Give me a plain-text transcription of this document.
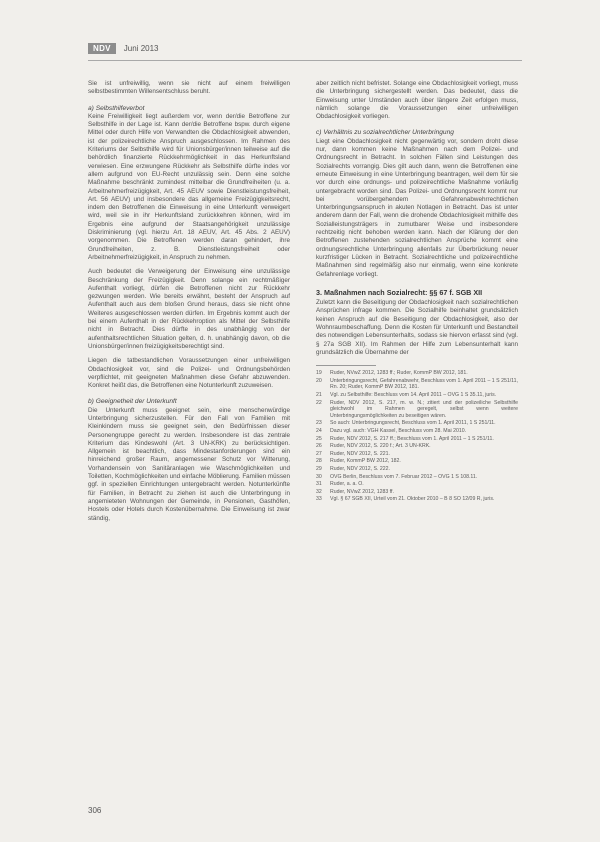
NDV	Juni 2013

Sie ist unfreiwillig, wenn sie nicht auf einem freiwilligen selbstbestimmten Willensentschluss beruht.

a) Selbsthilfeverbot

Keine Freiwilligkeit liegt außerdem vor, wenn der/die Betroffene zur Selbsthilfe in der Lage ist. Kann der/die Betroffene bspw. durch eigene Mittel oder durch Hilfe von Verwandten die Obdachlosigkeit abwenden, ist der polizeirechtliche Anspruch ausgeschlossen. Im Rahmen des Kriteriums der Selbsthilfe wird für Unionsbürger/innen teilweise auf die behördlich finanzierte Rückkehrmöglichkeit in das Herkunftsland verwiesen. Eine erzwungene Rückkehr als Selbsthilfe dürfte indes vor allem aufgrund von EU-Recht unzulässig sein. Denn eine solche Maßnahme beschränkt zumindest mittelbar die Grundfreiheiten (u. a. Arbeitnehmerfreizügigkeit, Art. 45 AEUV sowie Dienstleistungsfreiheit, Art. 56 AEUV) und insbesondere das allgemeine Freizügigkeitsrecht, indem den Betroffenen die Einweisung in eine Unterkunft verweigert wird, weil sie in ihr Herkunftsland zurückkehren können, wird im Ergebnis eine aufgrund der Staatsangehörigkeit unzulässige Diskriminierung (vgl. hierzu Art. 18 AEUV, Art. 45 Abs. 2 AEUV) vorgenommen. Die Betroffenen werden daran gehindert, ihre Grundfreiheiten, z. B. Dienstleistungsfreiheit oder Arbeitnehmerfreizügigkeit, in Anspruch zu nehmen.

Auch bedeutet die Verweigerung der Einweisung eine unzulässige Beschränkung der Freizügigkeit. Denn solange ein rechtmäßiger Aufenthalt vorliegt, dürfen die Betroffenen nicht zur Rückkehr gezwungen werden. Wie bereits erwähnt, besteht der Anspruch auf Aufenthalt auch aus dem bloßen Grund heraus, dass sie nicht ohne Weiteres ausgeschlossen werden dürfen. Im Ergebnis kommt auch der bei einem Aufenthalt in der Rückkehroption als Mittel der Selbsthilfe nicht in Betracht. Dies dürfte in des unabhängig von der aufenthaltsrechtlichen Situation gelten, d. h. unabhängig davon, ob die Unionsbürger/innen freizügigkeitsberechtigt sind.

Liegen die tatbestandlichen Voraussetzungen einer unfreiwilligen Obdachlosigkeit vor, sind die Polizei- und Ordnungsbehörden verpflichtet, mit geeigneten Maßnahmen diese Gefahr abzuwenden. Konkret heißt das, die Betroffenen eine Notunterkunft zuzuweisen.

b) Geeignetheit der Unterkunft

Die Unterkunft muss geeignet sein, eine menschenwürdige Unterbringung sicherzustellen. Für den Fall von Familien mit Kleinkindern muss sie geeignet sein, den Bedürfnissen dieser Personengruppe gerecht zu werden. Insbesondere ist das zentrale Kriterium das Kindeswohl (Art. 3 UN-KRK) zu berücksichtigen. Allgemein ist beachtlich, dass Mindestanforderungen sind ein hinreichend großer Raum, angemessener Schutz vor Witterung, Vorhandensein von Sanitäranlagen wie Waschmöglichkeiten und Toiletten, Kochmöglichkeiten und einfache Möblierung. Familien müssen ggf. in speziellen Einrichtungen untergebracht werden. Notunterkünfte für Familien, in Betracht zu ziehen ist auch die Unterbringung in angemieteten Wohnungen der Gemeinde, in Pensionen, Gasthöfen, Hostels oder Hotels durch Kostenübernahme. Die Einweisung ist zwar ständig,

aber zeitlich nicht befristet. Solange eine Obdachlosigkeit vorliegt, muss die Unterbringung sichergestellt werden. Das bedeutet, dass die Einweisung unter Umständen auch über längere Zeit erfolgen muss, nämlich solange die Voraussetzungen einer unfreiwilligen Obdachlosigkeit vorliegen.

c) Verhältnis zu sozialrechtlicher Unterbringung

Liegt eine Obdachlosigkeit nicht gegenwärtig vor, sondern droht diese nur, dann kommen keine Maßnahmen nach dem Polizei- und Ordnungsrecht in Betracht. In solchen Fällen sind Leistungen des Sozialrechts vorrangig. Dies gilt auch dann, wenn die Betroffenen eine erneute Einweisung in eine Unterbringung beantragen, weil dem für sie vor durch eine ordnungs- und polizeirechtliche Maßnahme vorläufig untergebracht worden sind. Das Polizei- und Ordnungsrecht kommt nur bei vorübergehendem Gefahrenabwehrrechtlichen Unterbringungsanspruch in akuten Notlagen in Betracht. Das ist unter anderem dann der Fall, wenn die drohende Obdachlosigkeit mithilfe des Sozialleistungsträgers in zumutbarer Weise und insbesondere rechtzeitig nicht behoben werden kann. Nach der Klärung der den Betroffenen zustehenden sozialrechtlichen Ansprüche kommt eine ordnungsrechtliche Unterbringung allenfalls zur Überbrückung neuer kurzfristiger Lücken in Betracht. Sozialrechtliche und polizeirechtliche Maßnahmen sind regelmäßig also nur einmalig, wenn eine konkrete Gefahrenlage vorliegt.

3. Maßnahmen nach Sozialrecht: §§ 67 f. SGB XII

Zuletzt kann die Beseitigung der Obdachlosigkeit nach sozialrechtlichen Ansprüchen infrage kommen. Die Sozialhilfe beinhaltet grundsätzlich keinen Anspruch auf die Beseitigung der Obdachlosigkeit, also der Wohnraumbeschaffung. Denn die Kosten für Unterkunft und Bestandteil des notwendigen Lebensunterhalts, sodass sie hiervon erfasst sind (vgl. § 27a SGB XII). Im Rahmen der Hilfe zum Lebensunterhalt kann grundsätzlich die Übernahme der

19 Ruder, NVwZ 2012, 1283 ff.; Ruder, KommP BW 2012, 181.
20 Unterbringungsrecht, Gefahrenabwehr, Beschluss vom 1. April 2011 – 1 S 251/11, Rn. 20; Ruder, KommP BW 2012, 181.
21 Vgl. zu Selbsthilfe: Beschluss vom 14. April 2011 – OVG 1 S 35.11, juris.
22 Ruder, NDV 2012, S. 217, m. w. N.; zitiert und der polizeiliche Selbsthilfe gleichwohl im Rahmen geregelt, selbst wenn weitere Unterbringungsmöglichkeiten zu beseitigen wären.
23 So auch: Unterbringungsrecht, Beschluss vom 1. April 2011, 1 S 251/11.
24 Dazu vgl. auch: VGH Kassel, Beschluss vom 28. Mai 2010.
25 Ruder, NDV 2012, S. 217 ff.; Beschluss vom 1. April 2011 – 1 S 251/11.
26 Ruder, NDV 2012, S. 220 f.; Art. 3 UN-KRK.
27 Ruder, NDV 2012, S. 221.
28 Ruder, KommP BW 2012, 182.
29 Ruder, NDV 2012, S. 222.
30 OVG Berlin, Beschluss vom 7. Februar 2012 – OVG 1 S 108.11.
31 Ruder, a. a. O.
32 Ruder, NVwZ 2012, 1283 ff.
33 Vgl. § 67 SGB XII, Urteil vom 21. Oktober 2010 – B 8 SO 12/09 R, juris.
306
